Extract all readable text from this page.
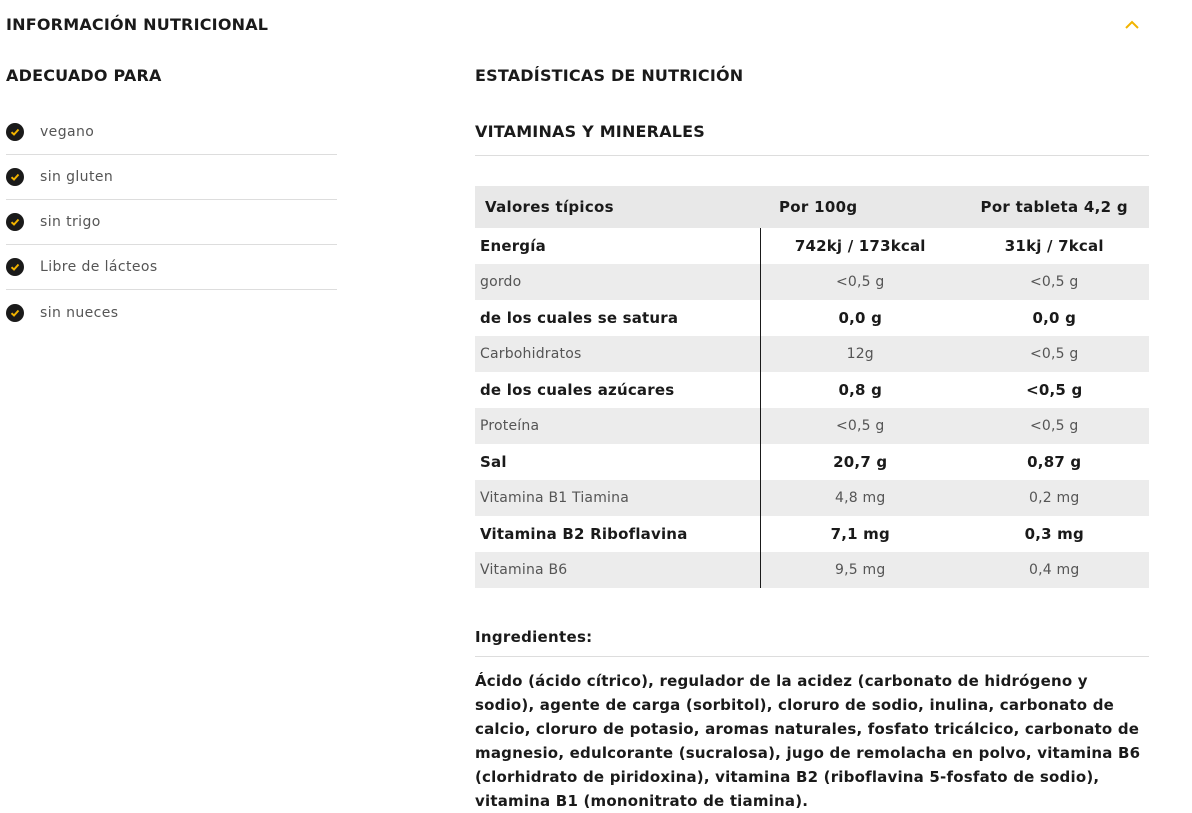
INFORMACIÓN NUTRICIONAL
ADECUADO PARA
vegano
sin gluten
sin trigo
Libre de lácteos
sin nueces
ESTADÍSTICAS DE NUTRICIÓN
VITAMINAS Y MINERALES
Valores típicos	Por 100g	Por tableta 4,2 g
Energía	742kj / 173kcal	31kj / 7kcal
gordo	<0,5 g	<0,5 g
de los cuales se satura	0,0 g	0,0 g
Carbohidratos	12g	<0,5 g
de los cuales azúcares	0,8 g	<0,5 g
Proteína	<0,5 g	<0,5 g
Sal	20,7 g	0,87 g
Vitamina B1 Tiamina	4,8 mg	0,2 mg
Vitamina B2 Riboflavina	7,1 mg	0,3 mg
Vitamina B6	9,5 mg	0,4 mg
Ingredientes:
Ácido (ácido cítrico), regulador de la acidez (carbonato de hidrógeno y sodio), agente de carga (sorbitol), cloruro de sodio, inulina, carbonato de calcio, cloruro de potasio, aromas naturales, fosfato tricálcico, carbonato de magnesio, edulcorante (sucralosa), jugo de remolacha en polvo, vitamina B6 (clorhidrato de piridoxina), vitamina B2 (riboflavina 5-fosfato de sodio), vitamina B1 (mononitrato de tiamina).
